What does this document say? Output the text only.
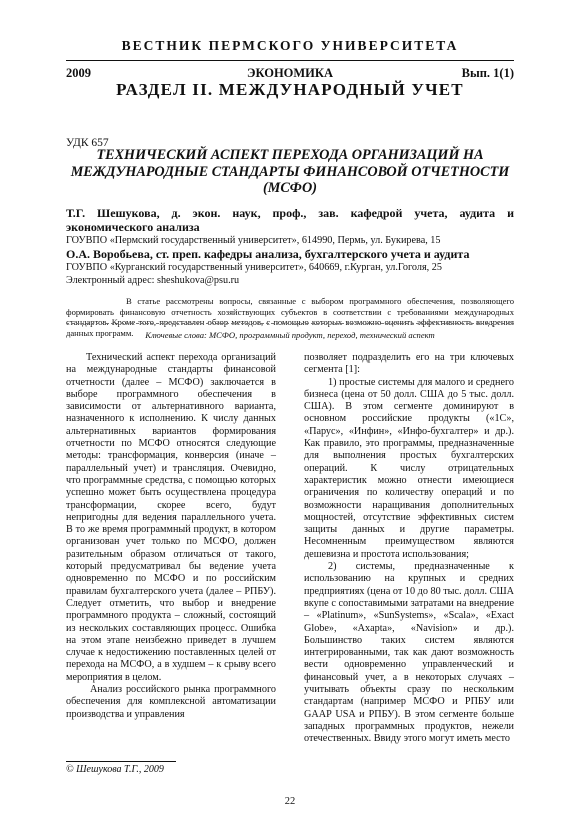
ВЕСТНИК ПЕРМСКОГО УНИВЕРСИТЕТА
2009	ЭКОНОМИКА	Вып. 1(1)
РАЗДЕЛ II. МЕЖДУНАРОДНЫЙ УЧЕТ
УДК 657
ТЕХНИЧЕСКИЙ АСПЕКТ ПЕРЕХОДА ОРГАНИЗАЦИЙ НА МЕЖДУНАРОДНЫЕ СТАНДАРТЫ ФИНАНСОВОЙ ОТЧЕТНОСТИ (МСФО)
Т.Г. Шешукова, д. экон. наук, проф., зав. кафедрой учета, аудита и экономического анализа
ГОУВПО «Пермский государственный университет», 614990, Пермь, ул. Букирева, 15
О.А. Воробьева, ст. преп. кафедры анализа, бухгалтерского учета и аудита
ГОУВПО «Курганский государственный университет», 640669, г.Курган, ул.Гоголя, 25
Электронный адрес: sheshukova@psu.ru
В статье рассмотрены вопросы, связанные с выбором программного обеспечения, позволяющего формировать финансовую отчетность хозяйствующих субъектов в соответствии с требованиями международных стандартов. Кроме того, представлен обзор методов, с помощью которых возможно оценить эффективность внедрения данных программ.	Ключевые слова: МСФО, программный продукт, переход, технический аспект

Технический аспект перехода организаций на международные стандарты финансовой отчетности (далее – МСФО) заключается в выборе программного обеспечения в зависимости от альтернативного варианта, назначенного к исполнению. К числу данных альтернативных вариантов формирования отчетности по МСФО относятся следующие методы: трансформация, конверсия (иначе – параллельный учет) и трансляция. Очевидно, что программные средства, с помощью которых успешно может быть осуществлена процедура трансформации, скорее всего, будут непригодны для ведения параллельного учета. В то же время программный продукт, в котором организован учет только по МСФО, должен разительным образом отличаться от такого, который предусматривал бы ведение учета одновременно по МСФО и по российским правилам бухгалтерского учета (далее – РПБУ). Следует отметить, что выбор и внедрение программного продукта – сложный, состоящий из нескольких составляющих процесс. Ошибка на этом этапе неизбежно приведет в лучшем случае к недостижению поставленных целей от перехода на МСФО, а в худшем – к срыву всего мероприятия в целом.

Анализ российского рынка программного обеспечения для комплексной автоматизации производства и управления

позволяет подразделить его на три ключевых сегмента [1]:

1) простые системы для малого и среднего бизнеса (цена от 50 долл. США до 5 тыс. долл. США). В этом сегменте доминируют в основном российские продукты («1С», «Парус», «Инфин», «Инфо-бухгалтер» и др.). Как правило, это программы, предназначенные для выполнения простых бухгалтерских операций. К числу отрицательных характеристик можно отнести имеющиеся ограничения по количеству операций и по возможности наращивания дополнительных мощностей, отсутствие эффективных систем защиты данных и другие параметры. Несомненным преимуществом являются дешевизна и простота использования;

2) системы, предназначенные к использованию на крупных и средних предприятиях (цена от 10 до 80 тыс. долл. США вкупе с сопоставимыми затратами на внедрение – «Platinum», «SunSystems», «Scala», «Exact Globe», «Axapta», «Navision» и др.). Большинство таких систем являются интегрированными, так как дают возможность вести одновременно управленческий и финансовый учет, а в некоторых случаях – учитывать объекты сразу по нескольким стандартам (например МСФО и РПБУ или GAAP USA и РПБУ). В этом сегменте больше западных программных продуктов, нежели отечественных. Ввиду этого могут иметь место

© Шешукова Т.Г., 2009
22
